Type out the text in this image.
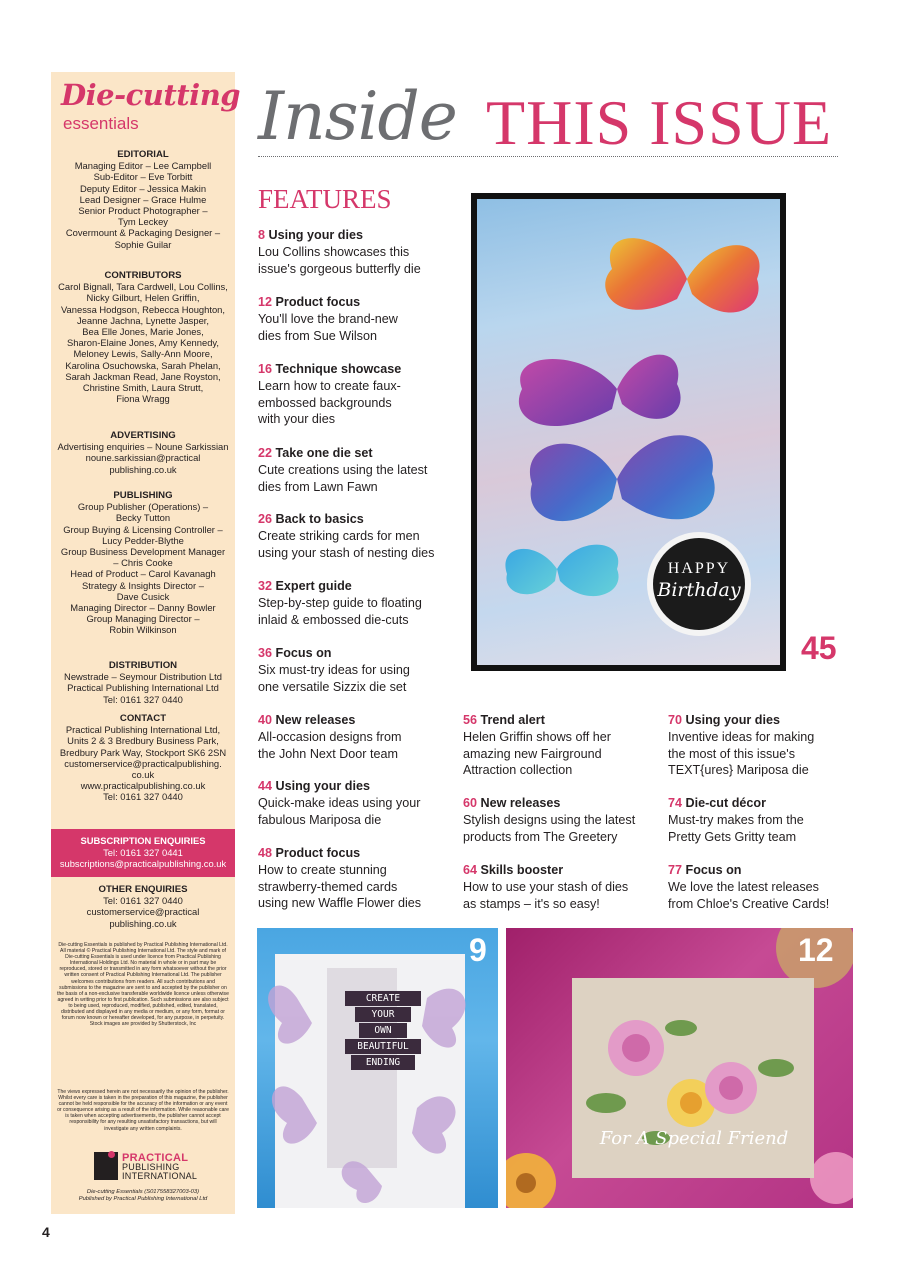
Die-cutting
essentials
EDITORIAL

Managing Editor – Lee Campbell

Sub-Editor – Eve Torbitt

Deputy Editor – Jessica Makin

Lead Designer – Grace Hulme

Senior Product Photographer –

Tym Leckey

Covermount & Packaging Designer –

Sophie Guilar

CONTRIBUTORS

Carol Bignall, Tara Cardwell, Lou Collins,

Nicky Gilburt, Helen Griffin,

Vanessa Hodgson, Rebecca Houghton,

Jeanne Jachna, Lynette Jasper,

Bea Elle Jones, Marie Jones,

Sharon-Elaine Jones, Amy Kennedy,

Meloney Lewis, Sally-Ann Moore,

Karolina Osuchowska, Sarah Phelan,

Sarah Jackman Read, Jane Royston,

Christine Smith, Laura Strutt,

Fiona Wragg

ADVERTISING

Advertising enquiries – Noune Sarkissian

noune.sarkissian@practical

publishing.co.uk

PUBLISHING

Group Publisher (Operations) –

Becky Tutton

Group Buying & Licensing Controller –

Lucy Pedder-Blythe

Group Business Development Manager

– Chris Cooke

Head of Product – Carol Kavanagh

Strategy & Insights Director –

Dave Cusick

Managing Director – Danny Bowler

Group Managing Director –

Robin Wilkinson

DISTRIBUTION

Newstrade – Seymour Distribution Ltd

Practical Publishing International Ltd

Tel: 0161 327 0440

CONTACT

Practical Publishing International Ltd,

Units 2 & 3 Bredbury Business Park,

Bredbury Park Way, Stockport SK6 2SN

customerservice@practicalpublishing.

co.uk

www.practicalpublishing.co.uk

Tel: 0161 327 0440

SUBSCRIPTION ENQUIRIES

Tel: 0161 327 0441

subscriptions@practicalpublishing.co.uk

OTHER ENQUIRIES

Tel: 0161 327 0440

customerservice@practical

publishing.co.uk

Die-cutting Essentials is published by Practical Publishing International Ltd. All material © Practical Publishing International Ltd. The style and mark of Die-cutting Essentials is used under licence from Practical Publishing International Holdings Ltd. No material in whole or in part may be reproduced, stored or transmitted in any form whatsoever without the prior written consent of Practical Publishing International Ltd. The publisher welcomes contributions from readers. All such contributions and submissions to the magazine are sent to and accepted by the publisher on the basis of a non-exclusive transferable worldwide licence unless otherwise agreed in writing prior to first publication. Such submissions are also subject to being used, reproduced, modified, published, edited, translated, distributed and displayed in any media or medium, or any form, format or forum now known or hereafter developed, for any purpose, in perpetuity. Stock images are provided by Shutterstock, Inc

The views expressed herein are not necessarily the opinion of the publisher. Whilst every care is taken in the preparation of this magazine, the publisher cannot be held responsible for the accuracy of the information or any event or consequence arising as a result of the information. While reasonable care is taken when accepting advertisements, the publisher cannot accept responsibility for any resulting unsatisfactory transactions, but will investigate any written complaints.

PRACTICAL
PUBLISHING
INTERNATIONAL
Die-cutting Essentials (S017558327003-03)
Published by Practical Publishing International Ltd
Inside THIS ISSUE
FEATURES
8 Using your dies
Lou Collins showcases this
issue's gorgeous butterfly die
12 Product focus
You'll love the brand-new
dies from Sue Wilson
16 Technique showcase
Learn how to create faux-
embossed backgrounds
with your dies
22 Take one die set
Cute creations using the latest
dies from Lawn Fawn
26 Back to basics
Create striking cards for men
using your stash of nesting dies
32 Expert guide
Step-by-step guide to floating
inlaid & embossed die-cuts
36 Focus on
Six must-try ideas for using
one versatile Sizzix die set
40 New releases
All-occasion designs from
the John Next Door team
44 Using your dies
Quick-make ideas using your
fabulous Mariposa die
48 Product focus
How to create stunning
strawberry-themed cards
using new Waffle Flower dies
56 Trend alert
Helen Griffin shows off her
amazing new Fairground
Attraction collection
60 New releases
Stylish designs using the latest
products from The Greetery
64 Skills booster
How to use your stash of dies
as stamps – it's so easy!
70 Using your dies
Inventive ideas for making
the most of this issue's
TEXT{ures} Mariposa die
74 Die-cut décor
Must-try makes from the
Pretty Gets Gritty team
77 Focus on
We love the latest releases
from Chloe's Creative Cards!
HAPPY
Birthday
45
CREATE
YOUR
OWN
BEAUTIFUL
ENDING
9
For A Special Friend
12
4
